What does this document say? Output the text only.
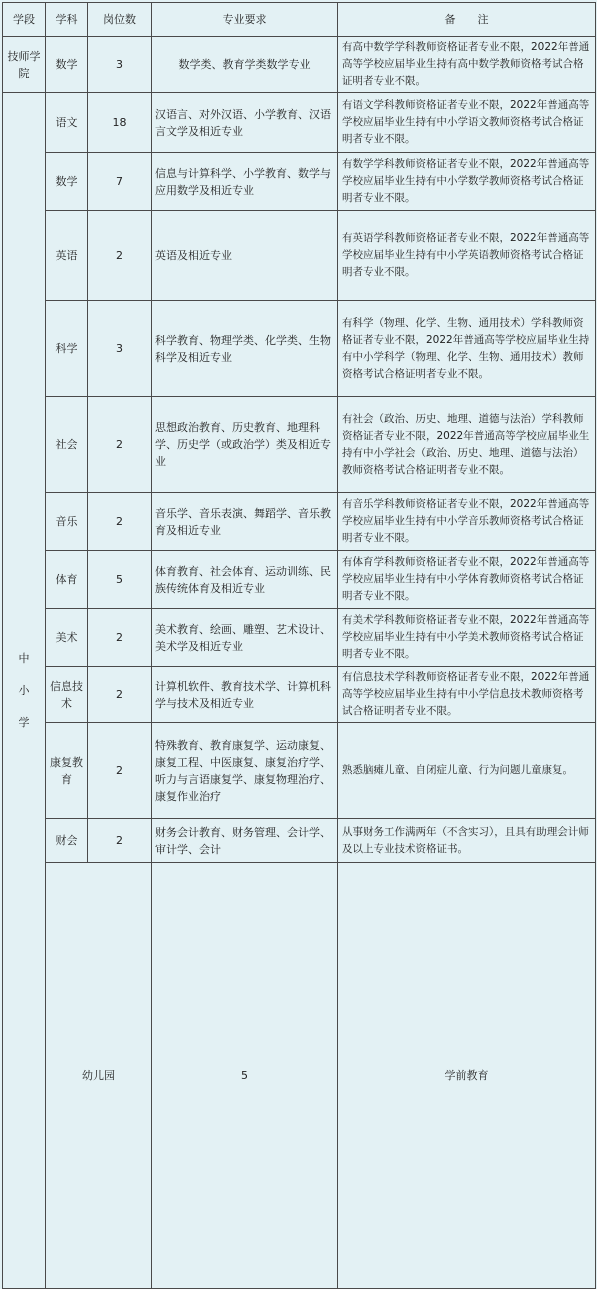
学段	学科	岗位数	专业要求	备　　注	
技师学院	数学	3	数学类、教育学类数学专业	有高中数学学科教师资格证者专业不限，2022年普通高等学校应届毕业生持有高中数学教师资格考试合格证明者专业不限。	

中
小
学	语文	18	汉语言、对外汉语、小学教育、汉语言文学及相近专业	有语文学科教师资格证者专业不限，2022年普通高等学校应届毕业生持有中小学语文教师资格考试合格证明者专业不限。	
	数学	7	信息与计算科学、小学教育、数学与应用数学及相近专业	有数学学科教师资格证者专业不限，2022年普通高等学校应届毕业生持有中小学数学教师资格考试合格证明者专业不限。	
	英语	2	英语及相近专业	有英语学科教师资格证者专业不限，2022年普通高等学校应届毕业生持有中小学英语教师资格考试合格证明者专业不限。	
	科学	3	科学教育、物理学类、化学类、生物科学及相近专业	有科学（物理、化学、生物、通用技术）学科教师资格证者专业不限，2022年普通高等学校应届毕业生持有中小学科学（物理、化学、生物、通用技术）教师资格考试合格证明者专业不限。	
	社会	2	思想政治教育、历史教育、地理科学、历史学（或政治学）类及相近专业	有社会（政治、历史、地理、道德与法治）学科教师资格证者专业不限，2022年普通高等学校应届毕业生持有中小学社会（政治、历史、地理、道德与法治）教师资格考试合格证明者专业不限。	
	音乐	2	音乐学、音乐表演、舞蹈学、音乐教育及相近专业	有音乐学科教师资格证者专业不限，2022年普通高等学校应届毕业生持有中小学音乐教师资格考试合格证明者专业不限。	
	体育	5	体育教育、社会体育、运动训练、民族传统体育及相近专业	有体育学科教师资格证者专业不限，2022年普通高等学校应届毕业生持有中小学体育教师资格考试合格证明者专业不限。	
	美术	2	美术教育、绘画、雕塑、艺术设计、美术学及相近专业	有美术学科教师资格证者专业不限，2022年普通高等学校应届毕业生持有中小学美术教师资格考试合格证明者专业不限。	
	信息技术	2	计算机软件、教育技术学、计算机科学与技术及相近专业	有信息技术学科教师资格证者专业不限，2022年普通高等学校应届毕业生持有中小学信息技术教师资格考试合格证明者专业不限。	
	康复教育	2	特殊教育、教育康复学、运动康复、康复工程、中医康复、康复治疗学、听力与言语康复学、康复物理治疗、康复作业治疗	熟悉脑瘫儿童、自闭症儿童、行为问题儿童康复。	
	财会	2	财务会计教育、财务管理、会计学、审计学、会计	从事财务工作满两年（不含实习），且具有助理会计师及以上专业技术资格证书。	
	幼儿园		5	学前教育	
